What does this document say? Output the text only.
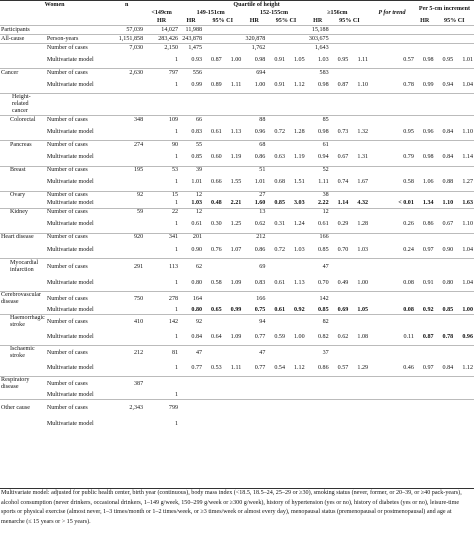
Women		n	Quartile of height										P for trend	Per 5-cm increment		
			<149cm	149-151cm			152-155cm			≥156cm						
			HR	HR	95% CI		HR	95% CI		HR	95% CI			HR	95% CI	
Participants		57,039	14,027	11,988						15,188						
All-cause	Person-years	1,151,858	283,426	243,878			320,878			303,675						
	Number of cases	7,030	2,150	1,475			1,762			1,643						
	Multivariate model		1	0.93	0.87	1.00	0.98	0.91	1.05	1.03	0.95	1.11	0.57	0.98	0.95	1.01
Cancer	Number of cases	2,630	797	556			694			583						
	Multivariate model		1	0.99	0.89	1.11	1.00	0.91	1.12	0.98	0.87	1.10	0.78	0.99	0.94	1.04
Height-related cancer																
Colorectal	Number of cases	348	109	66			88			85						
	Multivariate model		1	0.83	0.61	1.13	0.96	0.72	1.28	0.98	0.73	1.32	0.95	0.96	0.84	1.10
Pancreas	Number of cases	274	90	55			68			61						
	Multivariate model		1	0.85	0.60	1.19	0.86	0.63	1.19	0.94	0.67	1.31	0.79	0.98	0.84	1.14
Breast	Number of cases	195	53	39			51			52						
	Multivariate model		1	1.01	0.66	1.55	1.01	0.68	1.51	1.11	0.74	1.67	0.58	1.06	0.88	1.27
Ovary	Number of cases	92	15	12			27			38						
	Multivariate model		1	1.03	0.48	2.21	1.60	0.85	3.03	2.22	1.14	4.32	< 0.01	1.34	1.10	1.63
Kidney	Number of cases	59	22	12			13			12						
	Multivariate model		1	0.61	0.30	1.25	0.62	0.31	1.24	0.61	0.29	1.28	0.26	0.86	0.67	1.10
Heart disease	Number of cases	920	341	201			212			166						
	Multivariate model		1	0.90	0.76	1.07	0.86	0.72	1.03	0.85	0.70	1.03	0.24	0.97	0.90	1.04
Myocardial infarction	Number of cases	291	113	62			69			47						
	Multivariate model		1	0.80	0.58	1.09	0.83	0.61	1.13	0.70	0.49	1.00	0.08	0.91	0.80	1.04
Cerebrovascular disease	Number of cases	750	278	164			166			142						
	Multivariate model		1	0.80	0.65	0.99	0.75	0.61	0.92	0.85	0.69	1.05	0.08	0.92	0.85	1.00
Haemorrhagic stroke	Number of cases	410	142	92			94			82						
	Multivariate model		1	0.84	0.64	1.09	0.77	0.59	1.00	0.82	0.62	1.08	0.11	0.87	0.78	0.96
Ischaemic stroke	Number of cases	212	81	47			47			37						
	Multivariate model		1	0.77	0.53	1.11	0.77	0.54	1.12	0.86	0.57	1.29	0.46	0.97	0.84	1.12
Respiratory disease	Number of cases	387														
	Multivariate model		1													
Other cause	Number of cases	2,343	799													
	Multivariate model		1													
Multivariate model: adjusted for public health center, birth year (continuous), body mass index (<18.5, 18.5–24, 25–29 or ≥30), smoking status (never, former, or 20–39, or ≥40 pack-years), alcohol consumption (never drinkers, occasional drinkers, 1–149 g/week, 150–299 g/week or ≥300 g/week), history of hypertension (yes or no), history of diabetes (yes or no), leisure-time sports or physical exercise (almost never, 1–3 times/month or 1–2 times/week, or ≥3 times/week or almost every day), menopausal status (premenopausal or postmenopausal) and age at menarche (≤ 15 years or > 15 years).
